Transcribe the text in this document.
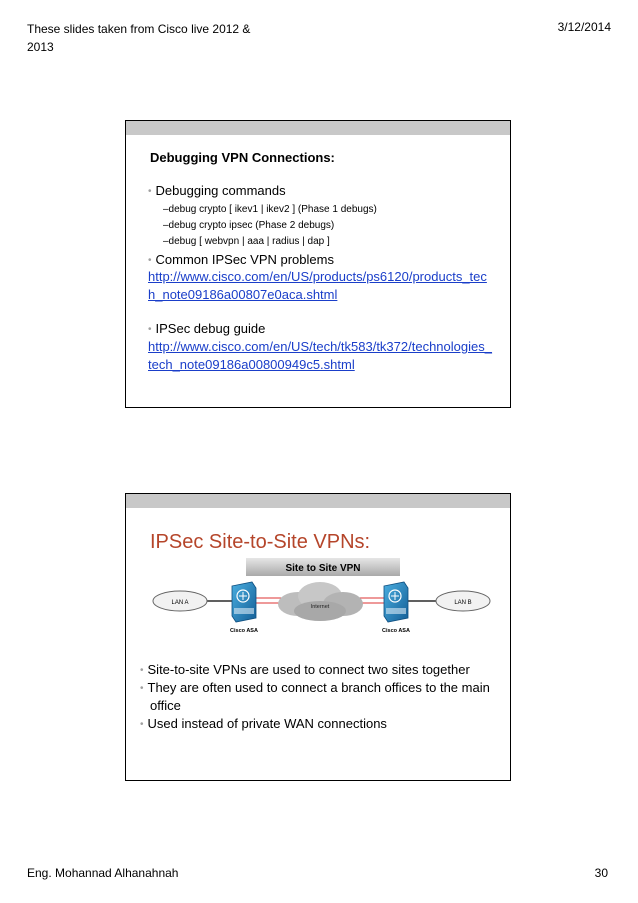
These slides taken from Cisco live 2012 & 2013
3/12/2014
Debugging VPN Connections:
• Debugging commands
–debug crypto [ ikev1 | ikev2 ] (Phase 1 debugs)
–debug crypto ipsec (Phase 2 debugs)
–debug [ webvpn | aaa | radius | dap ]
• Common IPSec VPN problems
http://www.cisco.com/en/US/products/ps6120/products_tech_note09186a00807e0aca.shtml
• IPSec debug guide
http://www.cisco.com/en/US/tech/tk583/tk372/technologies_tech_note09186a00800949c5.shtml
IPSec Site-to-Site VPNs:
Site to Site VPN
LAN A	LAN B
Internet
Cisco ASA	Cisco ASA
• Site-to-site VPNs are used to connect two sites together
• They are often used to connect a branch offices to the main
office
• Used instead of private WAN connections
Eng. Mohannad Alhanahnah	30
